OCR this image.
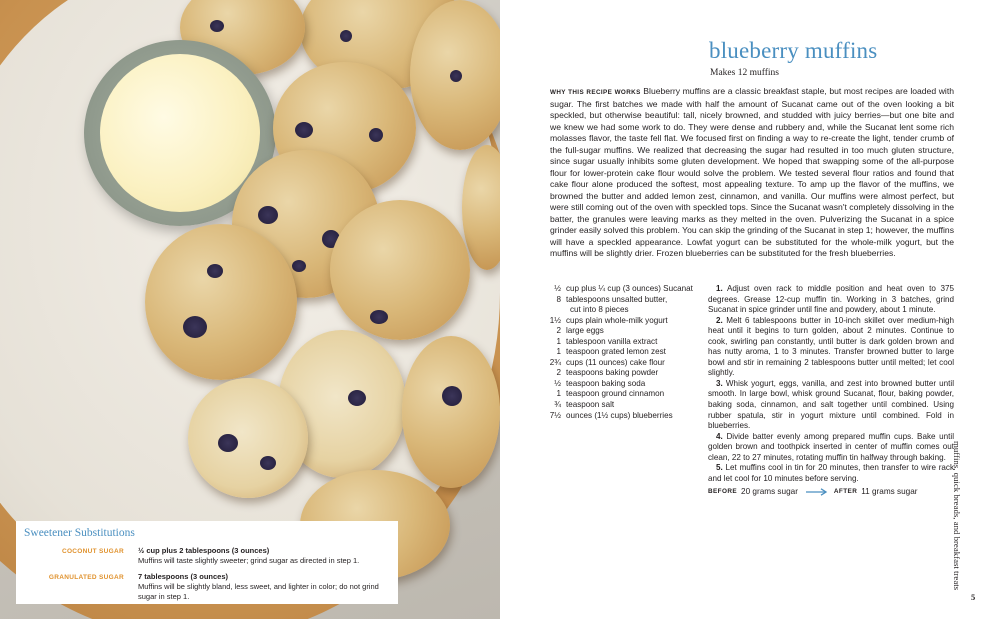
Sweetener Substitutions
COCONUT SUGAR	½ cup plus 2 tablespoons (3 ounces)
Muffins will taste slightly sweeter; grind sugar as directed in step 1.
GRANULATED SUGAR	7 tablespoons (3 ounces)
Muffins will be slightly bland, less sweet, and lighter in color; do not grind sugar in step 1.
blueberry muffins
Makes 12 muffins
WHY THIS RECIPE WORKS Blueberry muffins are a classic breakfast staple, but most recipes are loaded with sugar. The first batches we made with half the amount of Sucanat came out of the oven looking a bit speckled, but otherwise beautiful: tall, nicely browned, and studded with juicy berries—but one bite and we knew we had some work to do. They were dense and rubbery and, while the Sucanat lent some rich molasses flavor, the taste fell flat. We focused first on finding a way to re-create the light, tender crumb of the full-sugar muffins. We realized that decreasing the sugar had resulted in too much gluten structure, since sugar usually inhibits some gluten development. We hoped that swapping some of the all-purpose flour for lower-protein cake flour would solve the problem. We tested several flour ratios and found that cake flour alone produced the softest, most appealing texture. To amp up the flavor of the muffins, we browned the butter and added lemon zest, cinnamon, and vanilla. Our muffins were almost perfect, but were still coming out of the oven with speckled tops. Since the Sucanat wasn't completely dissolving in the batter, the granules were leaving marks as they melted in the oven. Pulverizing the Sucanat in a spice grinder easily solved this problem. You can skip the grinding of the Sucanat in step 1; however, the muffins will have a speckled appearance. Lowfat yogurt can be substituted for the whole-milk yogurt, but the muffins will be slightly drier. Frozen blueberries can be substituted for the fresh blueberries.
½ cup plus ¼ cup (3 ounces) Sucanat
8 tablespoons unsalted butter,
cut into 8 pieces
1½ cups plain whole-milk yogurt
2 large eggs
1 tablespoon vanilla extract
1 teaspoon grated lemon zest
2¾ cups (11 ounces) cake flour
2 teaspoons baking powder
½ teaspoon baking soda
1 teaspoon ground cinnamon
¾ teaspoon salt
7½ ounces (1½ cups) blueberries
1. Adjust oven rack to middle position and heat oven to 375 degrees. Grease 12-cup muffin tin. Working in 3 batches, grind Sucanat in spice grinder until fine and powdery, about 1 minute.
2. Melt 6 tablespoons butter in 10-inch skillet over medium-high heat until it begins to turn golden, about 2 minutes. Continue to cook, swirling pan constantly, until butter is dark golden brown and has nutty aroma, 1 to 3 minutes. Transfer browned butter to large bowl and stir in remaining 2 tablespoons butter until melted; let cool slightly.
3. Whisk yogurt, eggs, vanilla, and zest into browned butter until smooth. In large bowl, whisk ground Sucanat, flour, baking powder, baking soda, cinnamon, and salt together until combined. Using rubber spatula, stir in yogurt mixture until combined. Fold in blueberries.
4. Divide batter evenly among prepared muffin cups. Bake until golden brown and toothpick inserted in center of muffin comes out clean, 22 to 27 minutes, rotating muffin tin halfway through baking.
5. Let muffins cool in tin for 20 minutes, then transfer to wire rack and let cool for 10 minutes before serving.
BEFORE 20 grams sugar	AFTER 11 grams sugar	muffins, quick breads, and breakfast treats
5
